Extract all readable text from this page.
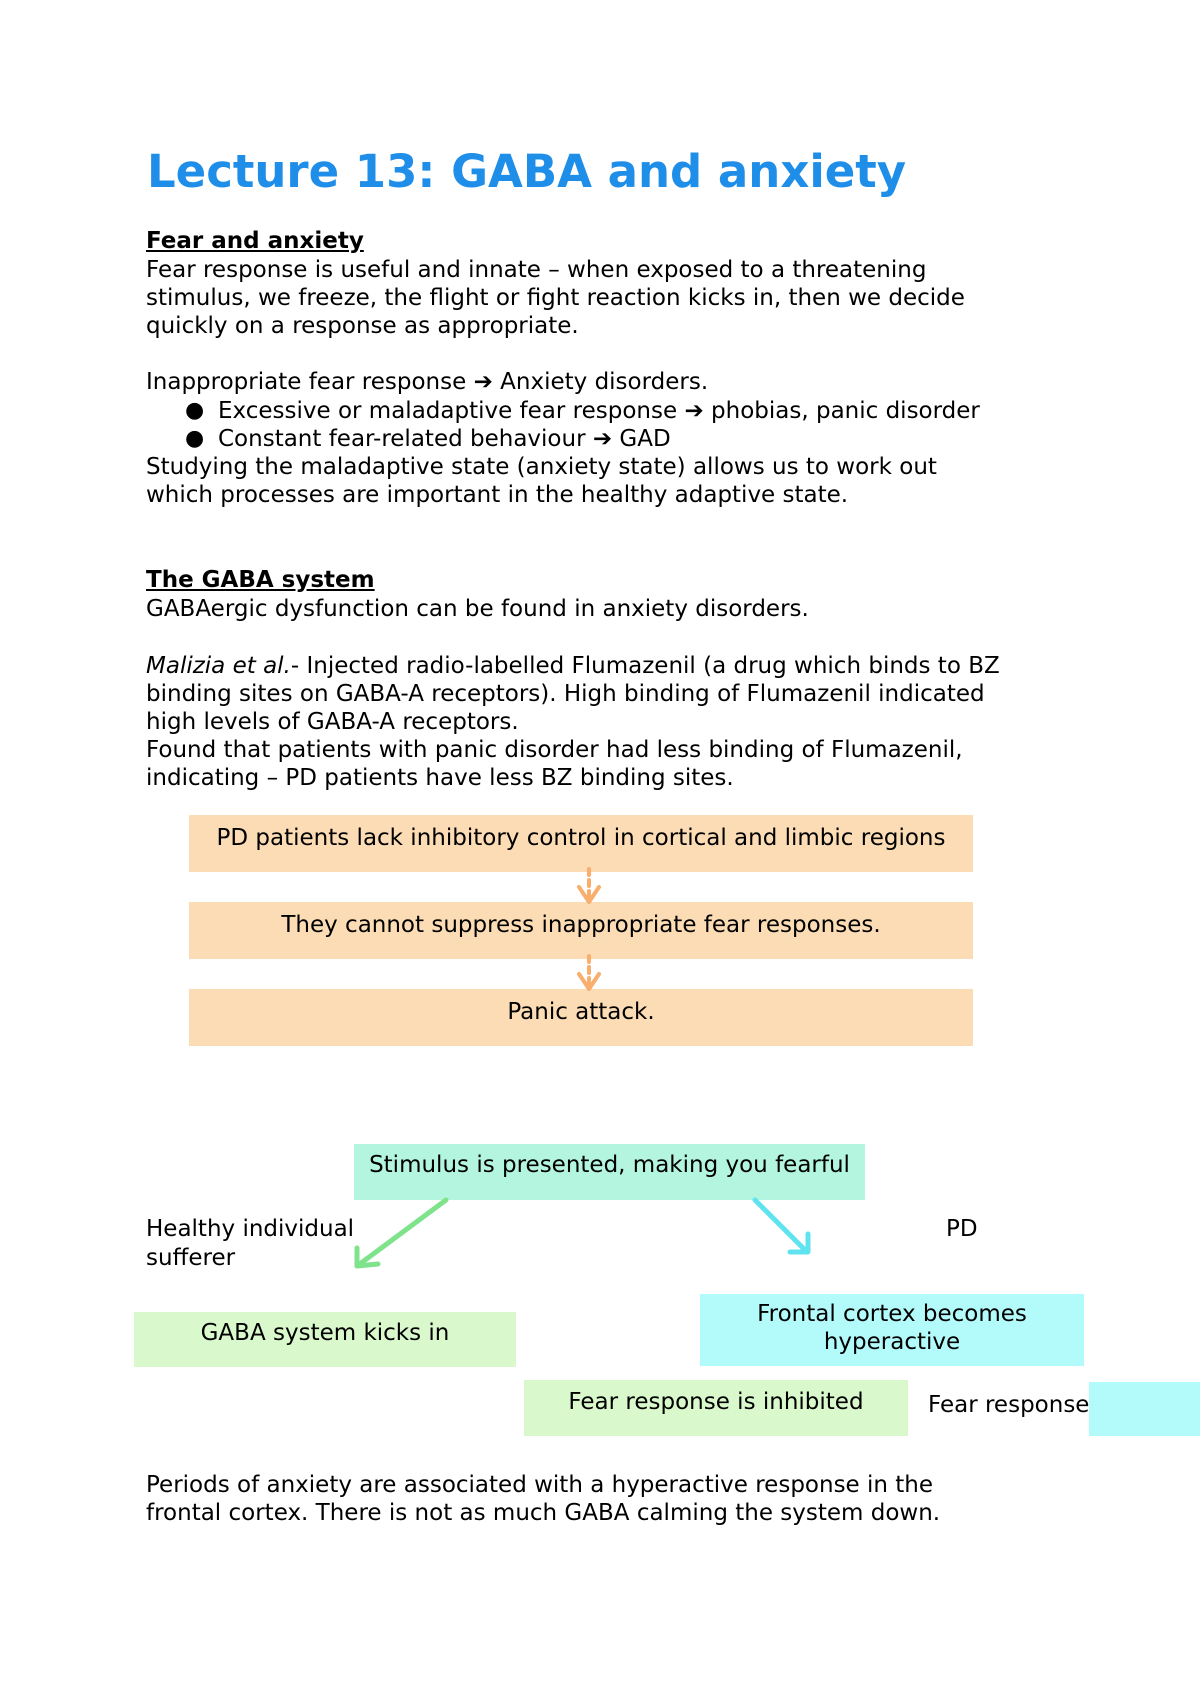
Lecture 13: GABA and anxiety
Fear and anxiety
Fear response is useful and innate – when exposed to a threatening
stimulus, we freeze, the flight or fight reaction kicks in, then we decide
quickly on a response as appropriate.
Inappropriate fear response ➔ Anxiety disorders.
● Excessive or maladaptive fear response ➔ phobias, panic disorder
● Constant fear-related behaviour ➔ GAD
Studying the maladaptive state (anxiety state) allows us to work out
which processes are important in the healthy adaptive state.
The GABA system
GABAergic dysfunction can be found in anxiety disorders.
Malizia et al.- Injected radio-labelled Flumazenil (a drug which binds to BZ
binding sites on GABA-A receptors). High binding of Flumazenil indicated
high levels of GABA-A receptors.
Found that patients with panic disorder had less binding of Flumazenil,
indicating – PD patients have less BZ binding sites.
PD patients lack inhibitory control in cortical and limbic regions
They cannot suppress inappropriate fear responses.
Panic attack.
Stimulus is presented, making you fearful
Healthy individual	PD
sufferer
GABA system kicks in
Frontal cortex becomes hyperactive
Fear response is inhibited	Fear response
Periods of anxiety are associated with a hyperactive response in the
frontal cortex. There is not as much GABA calming the system down.
